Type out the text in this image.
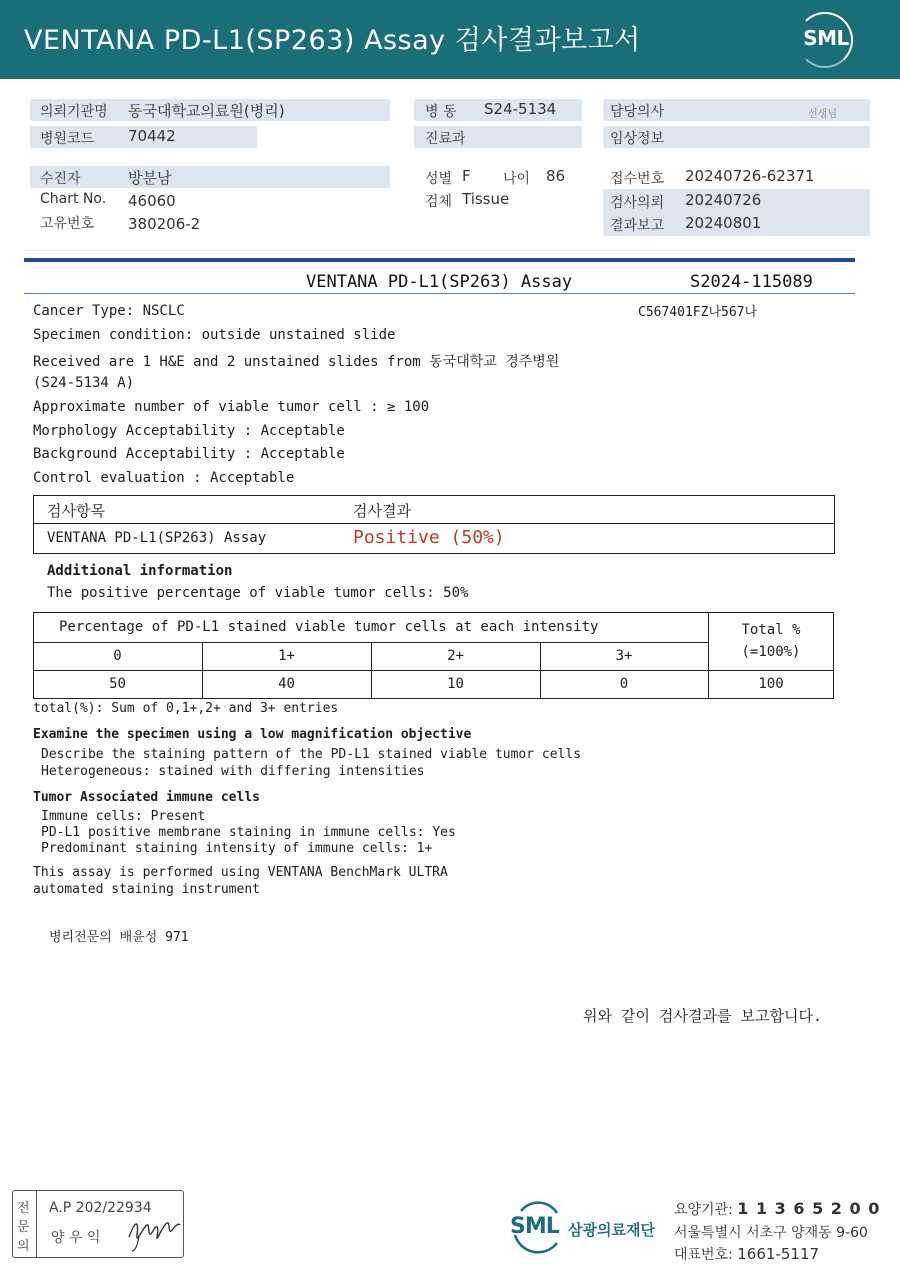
VENTANA PD-L1(SP263) Assay 검사결과보고서	SML
의뢰기관명 동국대학교의료원(병리)
병원코드 70442
병 동 S24-5134
진료과
담당의사	선생님
임상정보
수진자	방분남
Chart No. 46060
고유번호 380206-2
성별 F 나이 86
검체 Tissue
접수번호 20240726-62371
검사의뢰 20240726
결과보고 20240801
VENTANA PD-L1(SP263) Assay	S2024-115089
C567401FZ나567나
Cancer Type: NSCLC
Specimen condition: outside unstained slide
Received are 1 H&E and 2 unstained slides from 동국대학교 경주병원
(S24-5134 A)
Approximate number of viable tumor cell : ≥ 100
Morphology Acceptability : Acceptable
Background Acceptability : Acceptable
Control evaluation : Acceptable
검사항목	검사결과
VENTANA PD-L1(SP263) Assay	Positive (50%)
Additional information
The positive percentage of viable tumor cells: 50%
Percentage of PD-L1 stained viable tumor cells at each intensity	Total %
(=100%)
0	1+	2+	3+
50	40	10	0	100
total(%): Sum of 0,1+,2+ and 3+ entries
Examine the specimen using a low magnification objective
Describe the staining pattern of the PD-L1 stained viable tumor cells
Heterogeneous: stained with differing intensities
Tumor Associated immune cells
Immune cells: Present
PD-L1 positive membrane staining in immune cells: Yes
Predominant staining intensity of immune cells: 1+
This assay is performed using VENTANA BenchMark ULTRA
automated staining instrument
병리전문의 배윤성 971
위와 같이 검사결과를 보고합니다.
전
문
의
A.P 202/22934
양 우 익	SML 삼광의료재단
요양기관: 1 1 3 6 5 2 0 0
서울특별시 서초구 양재동 9-60
대표번호: 1661-5117
